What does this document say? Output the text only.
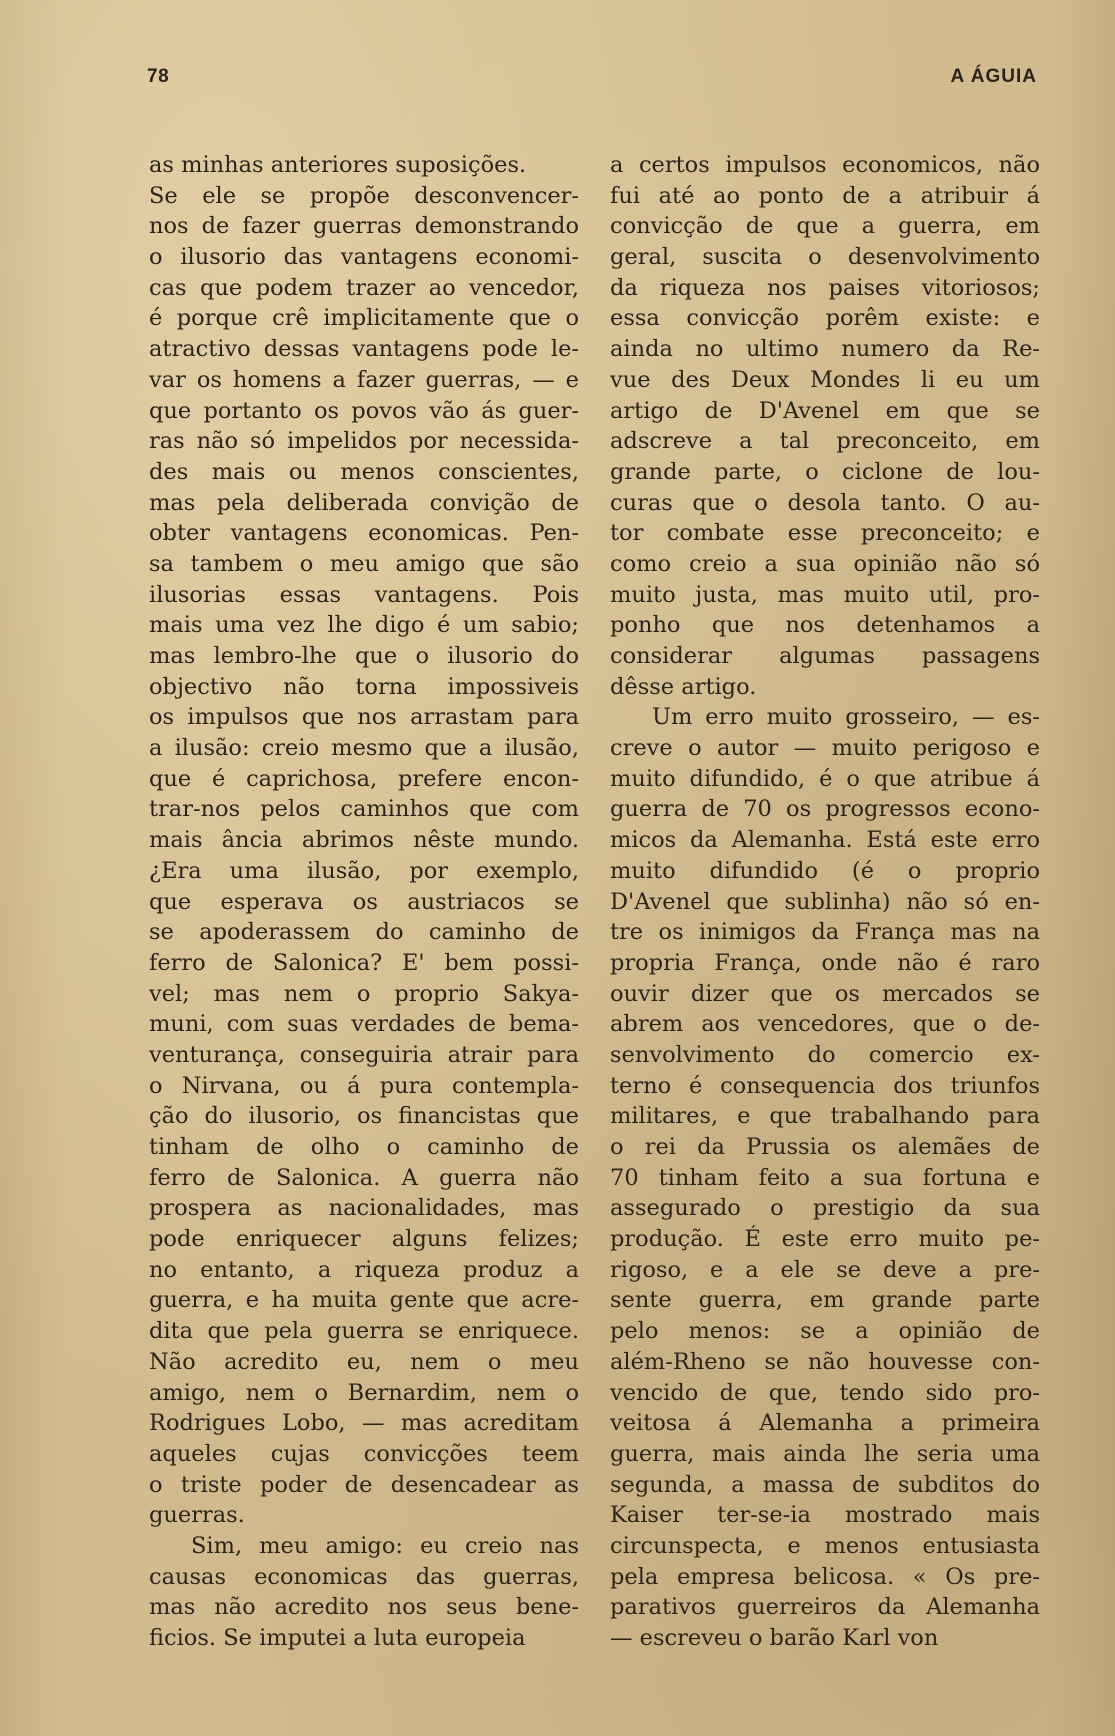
78	A ÁGUIA
as minhas anteriores suposições.
Se ele se propõe desconvencer-
nos de fazer guerras demonstrando
o ilusorio das vantagens economi-
cas que podem trazer ao vencedor,
é porque crê implicitamente que o
atractivo dessas vantagens pode le-
var os homens a fazer guerras, — e
que portanto os povos vão ás guer-
ras não só impelidos por necessida-
des mais ou menos conscientes,
mas pela deliberada convição de
obter vantagens economicas. Pen-
sa tambem o meu amigo que são
ilusorias essas vantagens. Pois
mais uma vez lhe digo é um sabio;
mas lembro-lhe que o ilusorio do
objectivo não torna impossiveis
os impulsos que nos arrastam para
a ilusão: creio mesmo que a ilusão,
que é caprichosa, prefere encon-
trar-nos pelos caminhos que com
mais ância abrimos nêste mundo.
¿Era uma ilusão, por exemplo,
que esperava os austriacos se
se apoderassem do caminho de
ferro de Salonica? E' bem possi-
vel; mas nem o proprio Sakya-
muni, com suas verdades de bema-
venturança, conseguiria atrair para
o Nirvana, ou á pura contempla-
ção do ilusorio, os financistas que
tinham de olho o caminho de
ferro de Salonica. A guerra não
prospera as nacionalidades, mas
pode enriquecer alguns felizes;
no entanto, a riqueza produz a
guerra, e ha muita gente que acre-
dita que pela guerra se enriquece.
Não acredito eu, nem o meu
amigo, nem o Bernardim, nem o
Rodrigues Lobo, — mas acreditam
aqueles cujas convicções teem
o triste poder de desencadear as
guerras.
Sim, meu amigo: eu creio nas
causas economicas das guerras,
mas não acredito nos seus bene-
ficios. Se imputei a luta europeia
a certos impulsos economicos, não
fui até ao ponto de a atribuir á
convicção de que a guerra, em
geral, suscita o desenvolvimento
da riqueza nos paises vitoriosos;
essa convicção porêm existe: e
ainda no ultimo numero da Re-
vue des Deux Mondes li eu um
artigo de D'Avenel em que se
adscreve a tal preconceito, em
grande parte, o ciclone de lou-
curas que o desola tanto. O au-
tor combate esse preconceito; e
como creio a sua opinião não só
muito justa, mas muito util, pro-
ponho que nos detenhamos a
considerar algumas passagens
dêsse artigo.
Um erro muito grosseiro, — es-
creve o autor — muito perigoso e
muito difundido, é o que atribue á
guerra de 70 os progressos econo-
micos da Alemanha. Está este erro
muito difundido (é o proprio
D'Avenel que sublinha) não só en-
tre os inimigos da França mas na
propria França, onde não é raro
ouvir dizer que os mercados se
abrem aos vencedores, que o de-
senvolvimento do comercio ex-
terno é consequencia dos triunfos
militares, e que trabalhando para
o rei da Prussia os alemães de
70 tinham feito a sua fortuna e
assegurado o prestigio da sua
produção. É este erro muito pe-
rigoso, e a ele se deve a pre-
sente guerra, em grande parte
pelo menos: se a opinião de
além-Rheno se não houvesse con-
vencido de que, tendo sido pro-
veitosa á Alemanha a primeira
guerra, mais ainda lhe seria uma
segunda, a massa de subditos do
Kaiser ter-se-ia mostrado mais
circunspecta, e menos entusiasta
pela empresa belicosa. « Os pre-
parativos guerreiros da Alemanha
— escreveu o barão Karl von
